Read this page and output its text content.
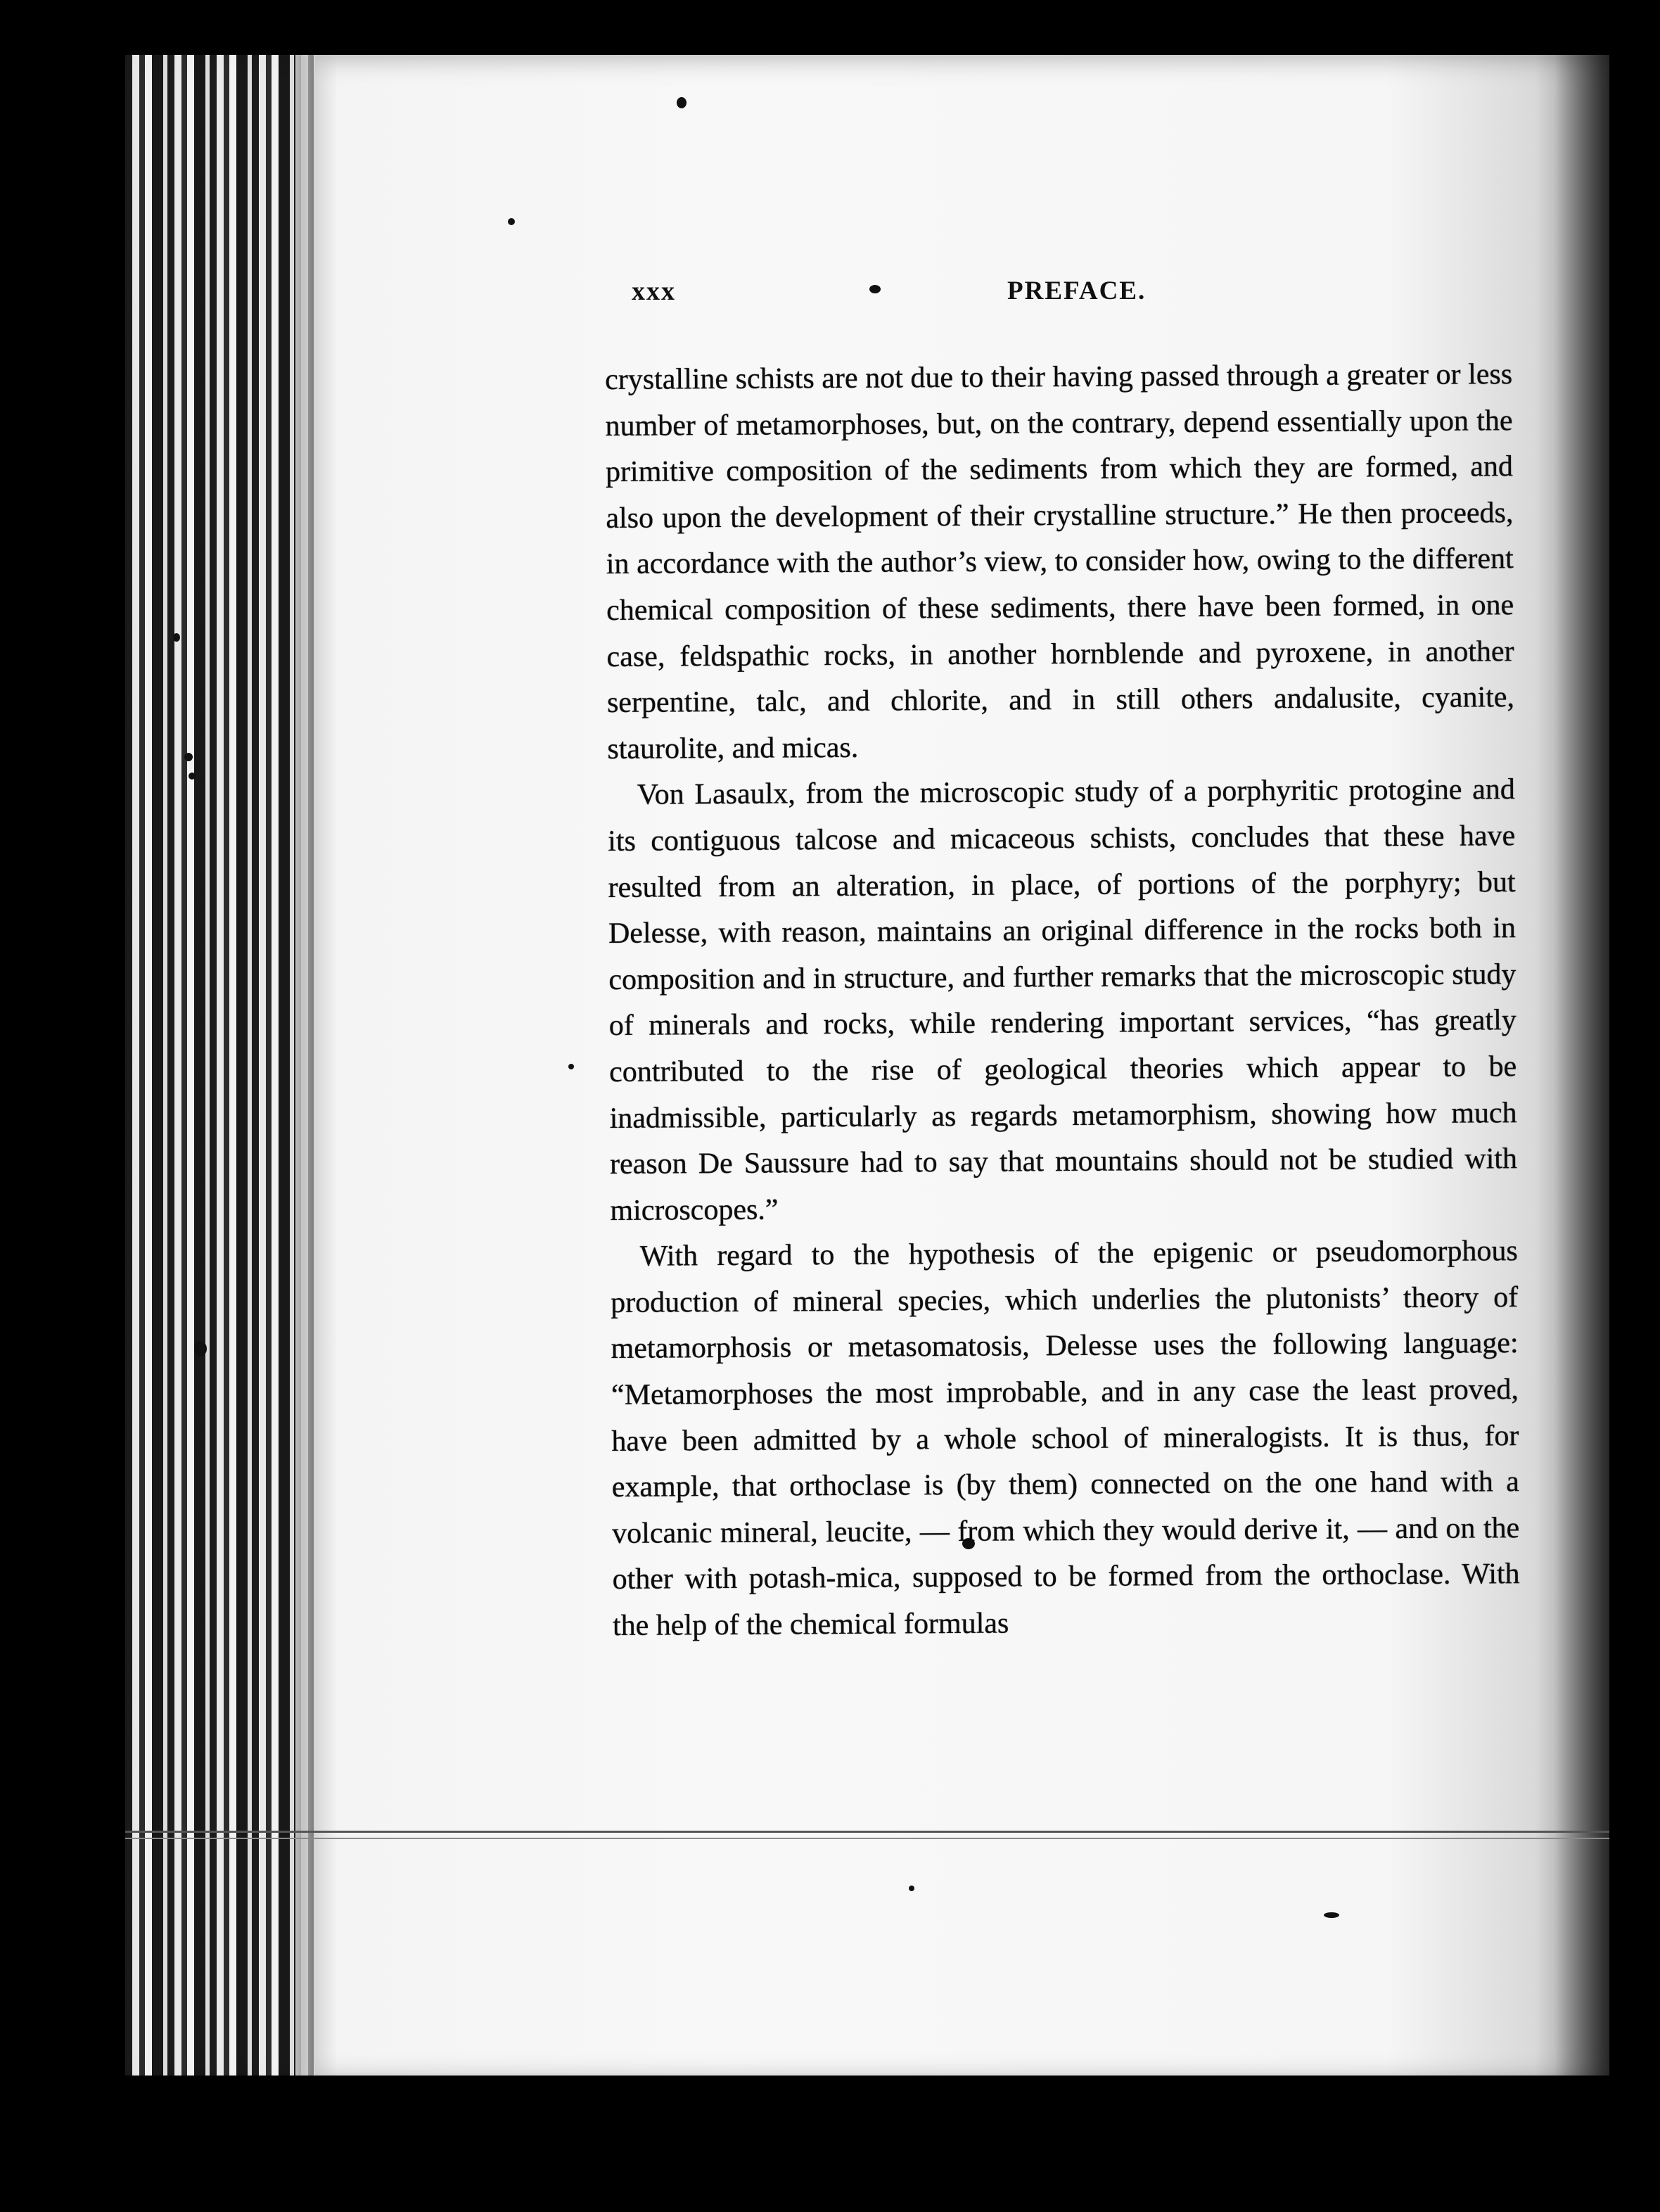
xxx	PREFACE.

crystalline schists are not due to their having passed through a greater or less number of metamorphoses, but, on the contrary, depend essentially upon the primitive composition of the sediments from which they are formed, and also upon the development of their crystalline structure.” He then proceeds, in accordance with the author’s view, to consider how, owing to the different chemical composition of these sediments, there have been formed, in one case, feldspathic rocks, in another hornblende and pyroxene, in another serpentine, talc, and chlorite, and in still others andalusite, cyanite, staurolite, and micas.

Von Lasaulx, from the microscopic study of a porphyritic protogine and its contiguous talcose and micaceous schists, concludes that these have resulted from an alteration, in place, of portions of the porphyry; but Delesse, with reason, maintains an original difference in the rocks both in composition and in structure, and further remarks that the microscopic study of minerals and rocks, while rendering important services, “has greatly contributed to the rise of geological theories which appear to be inadmissible, particularly as regards metamorphism, showing how much reason De Saussure had to say that mountains should not be studied with microscopes.”

With regard to the hypothesis of the epigenic or pseudomorphous production of mineral species, which underlies the plutonists’ theory of metamorphosis or metasomatosis, Delesse uses the following language: “Metamorphoses the most improbable, and in any case the least proved, have been admitted by a whole school of mineralogists. It is thus, for example, that orthoclase is (by them) connected on the one hand with a volcanic mineral, leucite, — from which they would derive it, — and on the other with potash-mica, supposed to be formed from the orthoclase. With the help of the chemical formulas
